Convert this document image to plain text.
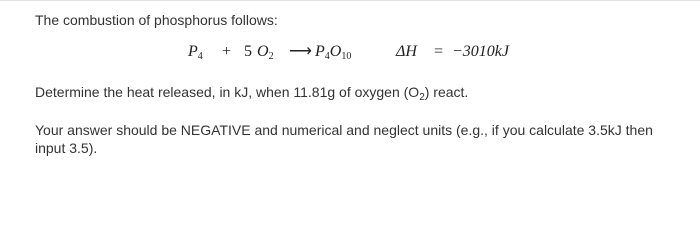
The combustion of phosphorus follows:
$P_4 + 5$ $O_2$ ⟶ $P_4O_{10}$	ΔH = −3010kJ
Determine the heat released, in kJ, when 11.81g of oxygen $(O_2)$ react.
Your answer should be NEGATIVE and numerical and neglect units (e.g., if you calculate 3.5kJ then
input 3.5).
